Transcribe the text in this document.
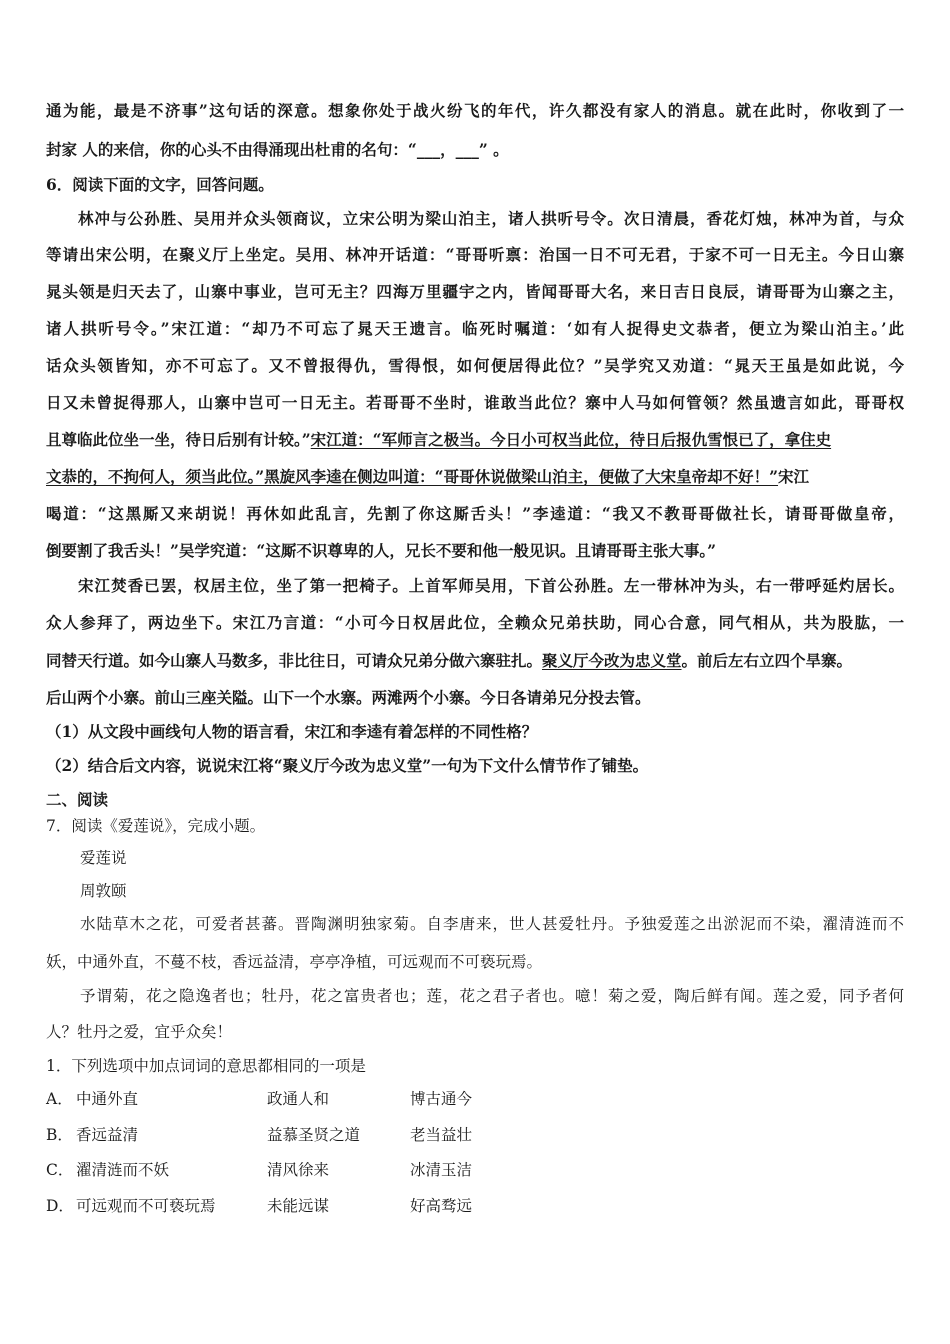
通为能，最是不济事”这句话的深意。想象你处于战火纷飞的年代，许久都没有家人的消息。就在此时，你收到了一
封家 人的来信，你的心头不由得涌现出杜甫的名句：“___，___” 。
6．阅读下面的文字，回答问题。
林冲与公孙胜、吴用并众头领商议，立宋公明为梁山泊主，诸人拱听号令。次日清晨，香花灯烛，林冲为首，与众
等请出宋公明，在聚义厅上坐定。吴用、林冲开话道：“哥哥听禀：治国一日不可无君，于家不可一日无主。今日山寨
晁头领是归天去了，山寨中事业，岂可无主？四海万里疆宇之内，皆闻哥哥大名，来日吉日良辰，请哥哥为山寨之主，
诸人拱听号令。”宋江道：“却乃不可忘了晁天王遗言。临死时嘱道：‘如有人捉得史文恭者，便立为梁山泊主。’此
话众头领皆知，亦不可忘了。又不曾报得仇，雪得恨，如何便居得此位？”吴学究又劝道：“晁天王虽是如此说，今
日又未曾捉得那人，山寨中岂可一日无主。若哥哥不坐时，谁敢当此位？寨中人马如何管领？然虽遗言如此，哥哥权
且尊临此位坐一坐，待日后别有计较。”宋江道：“军师言之极当。今日小可权当此位，待日后报仇雪恨已了，拿住史
文恭的，不拘何人，须当此位。”黑旋风李逵在侧边叫道：“哥哥休说做梁山泊主，便做了大宋皇帝却不好！”宋江
喝道：“这黑厮又来胡说！再休如此乱言，先割了你这厮舌头！”李逵道：“我又不教哥哥做社长，请哥哥做皇帝，
倒要割了我舌头！”吴学究道：“这厮不识尊卑的人，兄长不要和他一般见识。且请哥哥主张大事。”
宋江焚香已罢，权居主位，坐了第一把椅子。上首军师吴用，下首公孙胜。左一带林冲为头，右一带呼延灼居长。
众人参拜了，两边坐下。宋江乃言道：“小可今日权居此位，全赖众兄弟扶助，同心合意，同气相从，共为股肱，一
同替天行道。如今山寨人马数多，非比往日，可请众兄弟分做六寨驻扎。聚义厅今改为忠义堂。前后左右立四个旱寨。
后山两个小寨。前山三座关隘。山下一个水寨。两滩两个小寨。今日各请弟兄分投去管。
（1）从文段中画线句人物的语言看，宋江和李逵有着怎样的不同性格？
（2）结合后文内容，说说宋江将“聚义厅今改为忠义堂”一句为下文什么情节作了铺垫。
二、阅读
7．阅读《爱莲说》，完成小题。
爱莲说
周敦颐
水陆草木之花，可爱者甚蕃。晋陶渊明独家菊。自李唐来，世人甚爱牡丹。予独爱莲之出淤泥而不染，濯清涟而不
妖，中通外直，不蔓不枝，香远益清，亭亭净植，可远观而不可亵玩焉。
予谓菊，花之隐逸者也；牡丹，花之富贵者也；莲，花之君子者也。噫！菊之爱，陶后鲜有闻。莲之爱，同予者何
人？牡丹之爱，宜乎众矣！
1．下列选项中加点词词的意思都相同的一项是
A． 中通外直	政通人和	博古通今
B． 香远益清	益慕圣贤之道	老当益壮
C． 濯清涟而不妖	清风徐来	冰清玉洁
D． 可远观而不可亵玩焉	未能远谋	好高骛远
